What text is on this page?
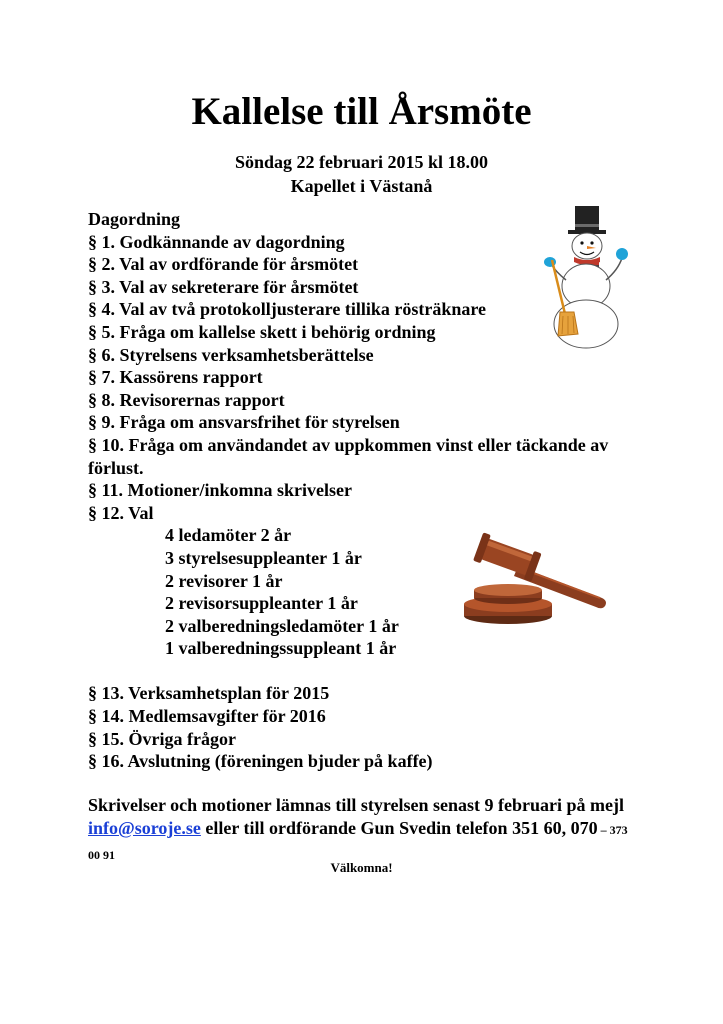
Kallelse till Årsmöte
Söndag 22 februari 2015 kl 18.00
Kapellet i Västanå
Dagordning
§ 1. Godkännande av dagordning
§ 2. Val av ordförande för årsmötet
§ 3. Val av sekreterare för årsmötet
§ 4. Val av två protokolljusterare tillika rösträknare
§ 5. Fråga om kallelse skett i behörig ordning
§ 6. Styrelsens verksamhetsberättelse
§ 7. Kassörens rapport
§ 8. Revisorernas rapport
§ 9. Fråga om ansvarsfrihet för styrelsen
§ 10. Fråga om användandet av uppkommen vinst eller täckande av förlust.
§ 11. Motioner/inkomna skrivelser
§ 12. Val
4 ledamöter 2 år
3 styrelsesuppleanter 1 år
2 revisorer 1 år
2 revisorsuppleanter 1 år
2 valberedningsledamöter 1 år
1 valberedningssuppleant 1 år
§ 13. Verksamhetsplan för 2015
§ 14. Medlemsavgifter för 2016
§ 15. Övriga frågor
§ 16. Avslutning (föreningen bjuder på kaffe)
Skrivelser och motioner lämnas till styrelsen senast 9 februari på mejl info@soroje.se eller till ordförande Gun Svedin telefon 351 60, 070 – 373 00 91
Välkomna!
